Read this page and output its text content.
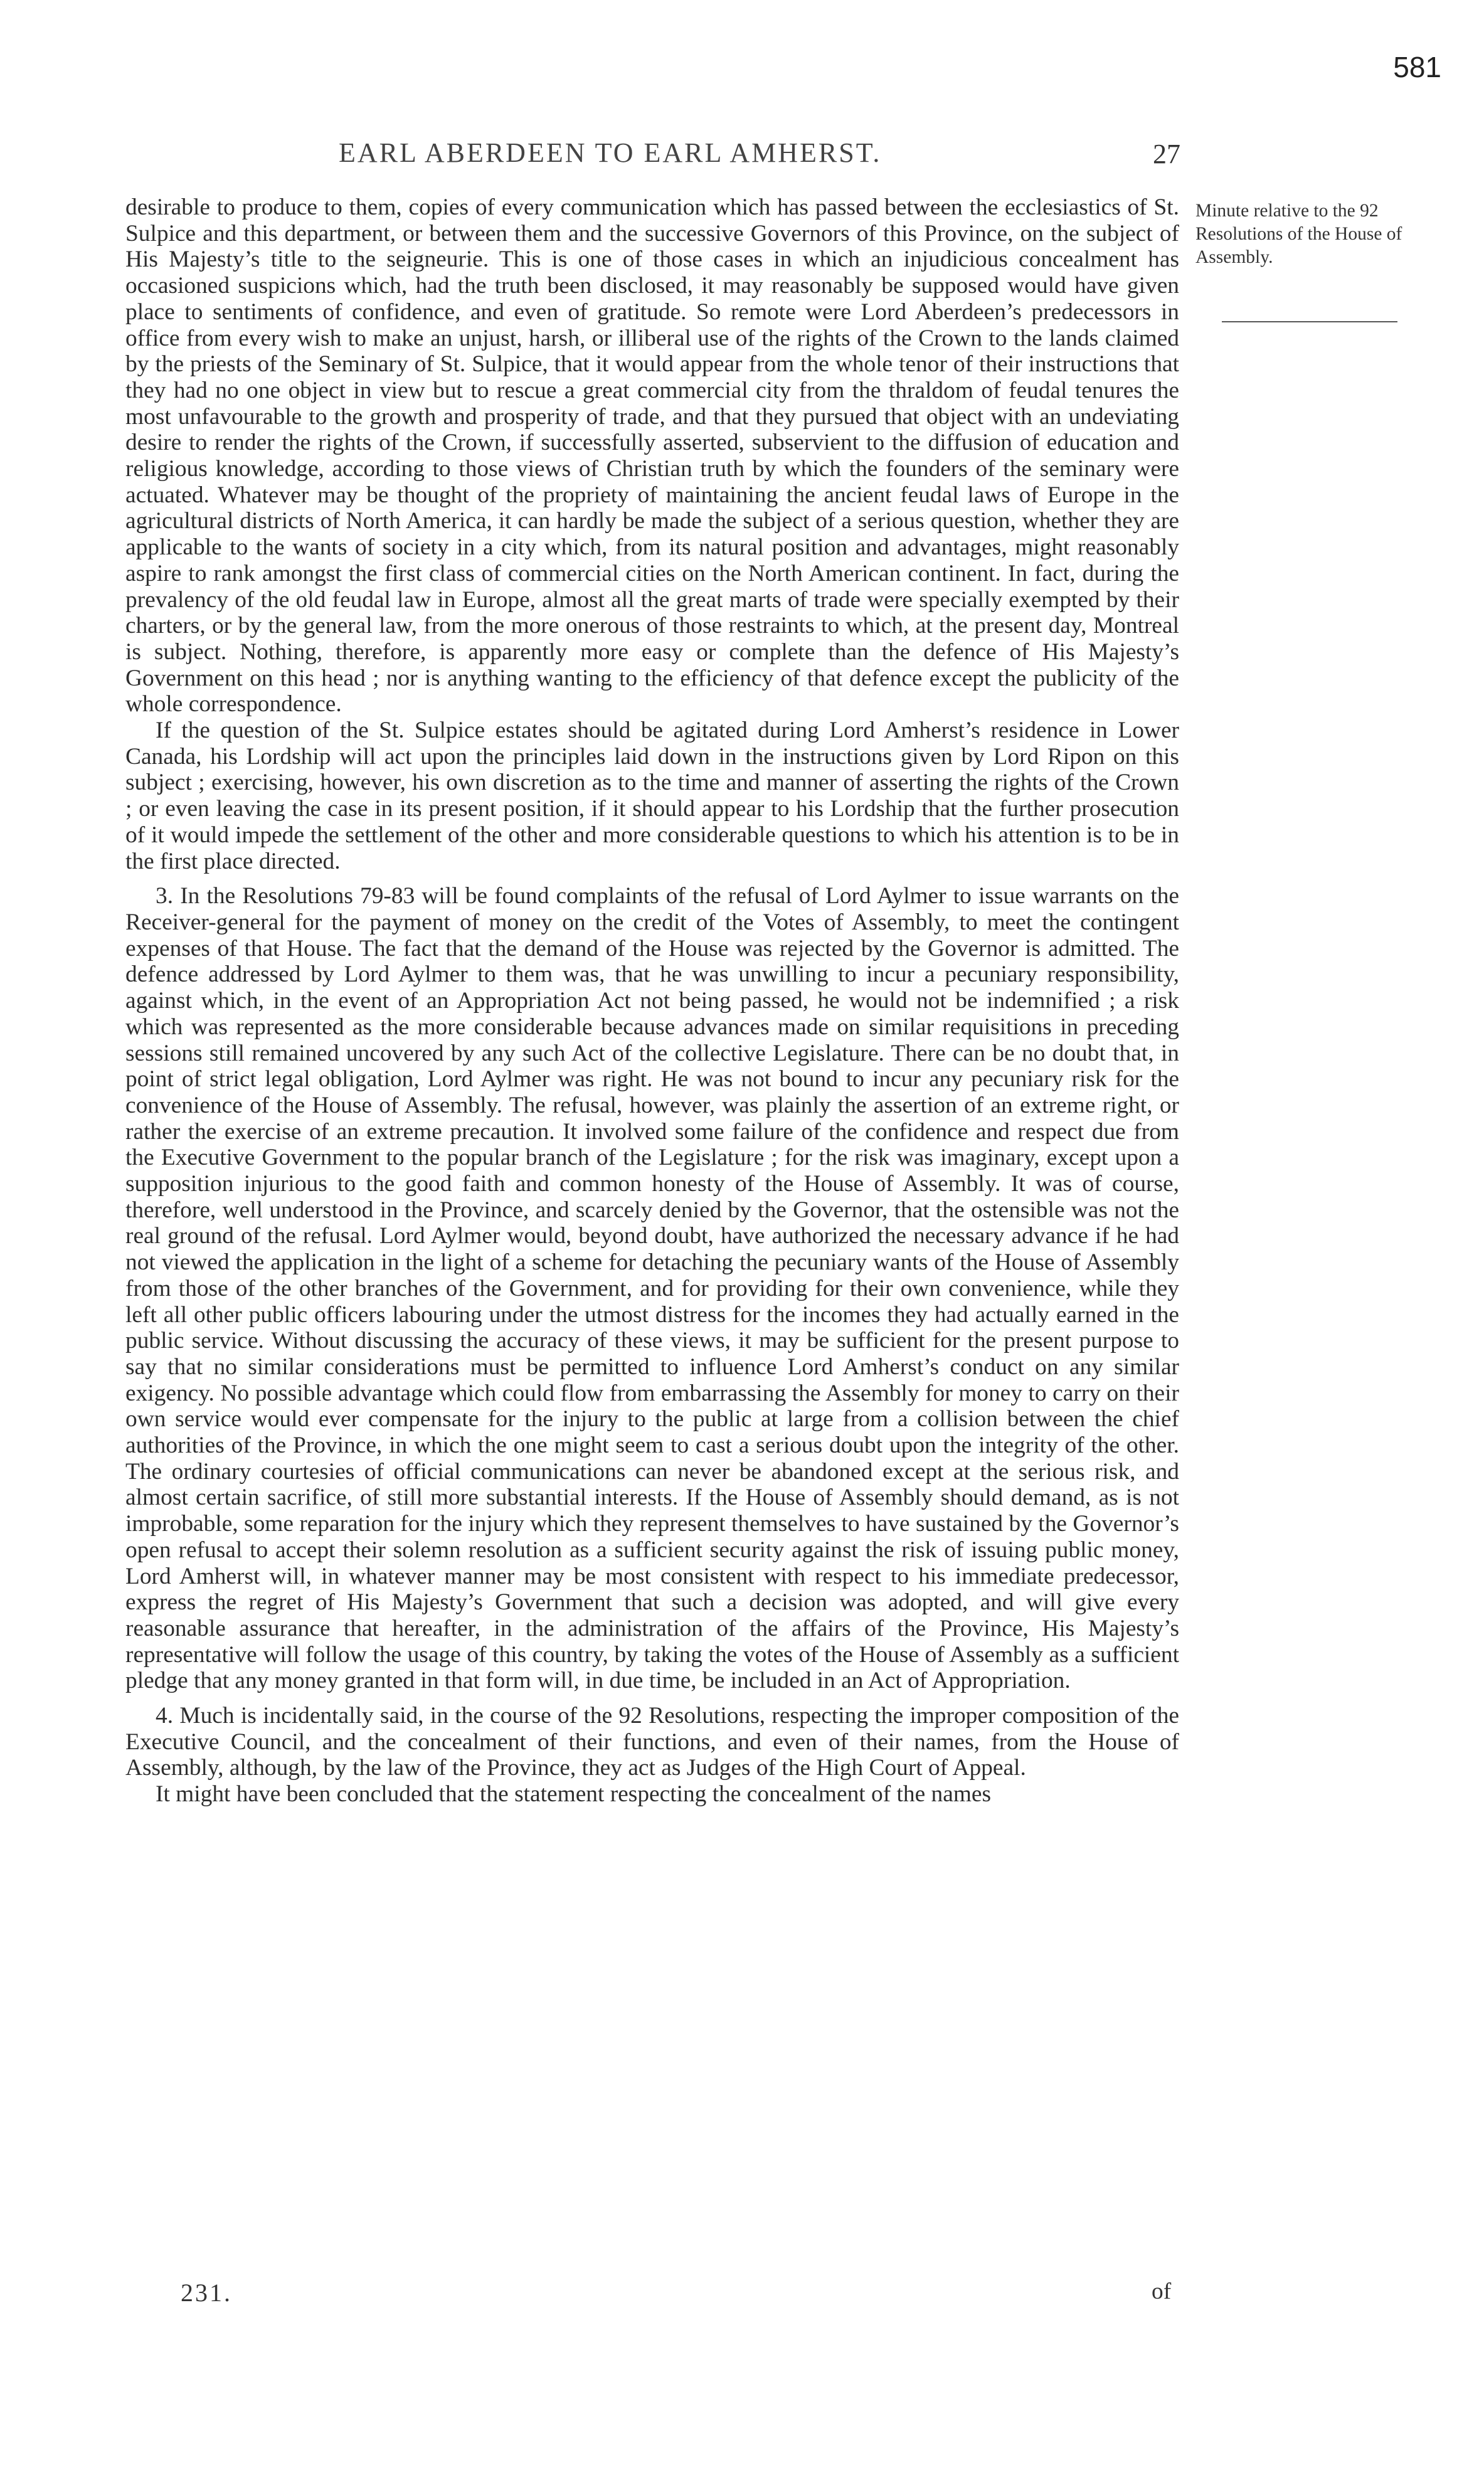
581
EARL ABERDEEN TO EARL AMHERST.	27
Minute relative to the 92 Resolutions of the House of Assembly.

desirable to produce to them, copies of every communication which has passed between the ecclesiastics of St. Sulpice and this department, or between them and the successive Governors of this Province, on the subject of His Majesty’s title to the seigneurie. This is one of those cases in which an injudicious concealment has occasioned suspicions which, had the truth been disclosed, it may reasonably be supposed would have given place to sentiments of confidence, and even of gratitude. So remote were Lord Aberdeen’s predecessors in office from every wish to make an unjust, harsh, or illiberal use of the rights of the Crown to the lands claimed by the priests of the Seminary of St. Sulpice, that it would appear from the whole tenor of their instructions that they had no one object in view but to rescue a great commercial city from the thraldom of feudal tenures the most unfavourable to the growth and prosperity of trade, and that they pursued that object with an undeviating desire to render the rights of the Crown, if successfully asserted, subservient to the diffusion of education and religious knowledge, according to those views of Christian truth by which the founders of the seminary were actuated. Whatever may be thought of the propriety of maintaining the ancient feudal laws of Europe in the agricultural districts of North America, it can hardly be made the subject of a serious question, whether they are applicable to the wants of society in a city which, from its natural position and advantages, might reasonably aspire to rank amongst the first class of commercial cities on the North American continent. In fact, during the prevalency of the old feudal law in Europe, almost all the great marts of trade were specially exempted by their charters, or by the general law, from the more onerous of those restraints to which, at the present day, Montreal is subject. Nothing, therefore, is apparently more easy or complete than the defence of His Majesty’s Government on this head ; nor is anything wanting to the efficiency of that defence except the publicity of the whole correspondence.

If the question of the St. Sulpice estates should be agitated during Lord Amherst’s residence in Lower Canada, his Lordship will act upon the principles laid down in the instructions given by Lord Ripon on this subject ; exercising, however, his own discretion as to the time and manner of asserting the rights of the Crown ; or even leaving the case in its present position, if it should appear to his Lordship that the further prosecution of it would impede the settlement of the other and more considerable questions to which his attention is to be in the first place directed.

3. In the Resolutions 79-83 will be found complaints of the refusal of Lord Aylmer to issue warrants on the Receiver-general for the payment of money on the credit of the Votes of Assembly, to meet the contingent expenses of that House. The fact that the demand of the House was rejected by the Governor is admitted. The defence addressed by Lord Aylmer to them was, that he was unwilling to incur a pecuniary responsibility, against which, in the event of an Appropriation Act not being passed, he would not be indemnified ; a risk which was represented as the more considerable because advances made on similar requisitions in preceding sessions still remained uncovered by any such Act of the collective Legislature. There can be no doubt that, in point of strict legal obligation, Lord Aylmer was right. He was not bound to incur any pecuniary risk for the convenience of the House of Assembly. The refusal, however, was plainly the assertion of an extreme right, or rather the exercise of an extreme precaution. It involved some failure of the confidence and respect due from the Executive Government to the popular branch of the Legislature ; for the risk was imaginary, except upon a supposition injurious to the good faith and common honesty of the House of Assembly. It was of course, therefore, well understood in the Province, and scarcely denied by the Governor, that the ostensible was not the real ground of the refusal. Lord Aylmer would, beyond doubt, have authorized the necessary advance if he had not viewed the application in the light of a scheme for detaching the pecuniary wants of the House of Assembly from those of the other branches of the Government, and for providing for their own convenience, while they left all other public officers labouring under the utmost distress for the incomes they had actually earned in the public service. Without discussing the accuracy of these views, it may be sufficient for the present purpose to say that no similar considerations must be permitted to influence Lord Amherst’s conduct on any similar exigency. No possible advantage which could flow from embarrassing the Assembly for money to carry on their own service would ever compensate for the injury to the public at large from a collision between the chief authorities of the Province, in which the one might seem to cast a serious doubt upon the integrity of the other. The ordinary courtesies of official communications can never be abandoned except at the serious risk, and almost certain sacrifice, of still more substantial interests. If the House of Assembly should demand, as is not improbable, some reparation for the injury which they represent themselves to have sustained by the Governor’s open refusal to accept their solemn resolution as a sufficient security against the risk of issuing public money, Lord Amherst will, in whatever manner may be most consistent with respect to his immediate predecessor, express the regret of His Majesty’s Government that such a decision was adopted, and will give every reasonable assurance that hereafter, in the administration of the affairs of the Province, His Majesty’s representative will follow the usage of this country, by taking the votes of the House of Assembly as a sufficient pledge that any money granted in that form will, in due time, be included in an Act of Appropriation.

4. Much is incidentally said, in the course of the 92 Resolutions, respecting the improper composition of the Executive Council, and the concealment of their functions, and even of their names, from the House of Assembly, although, by the law of the Province, they act as Judges of the High Court of Appeal.

It might have been concluded that the statement respecting the concealment of the names

231.	of
